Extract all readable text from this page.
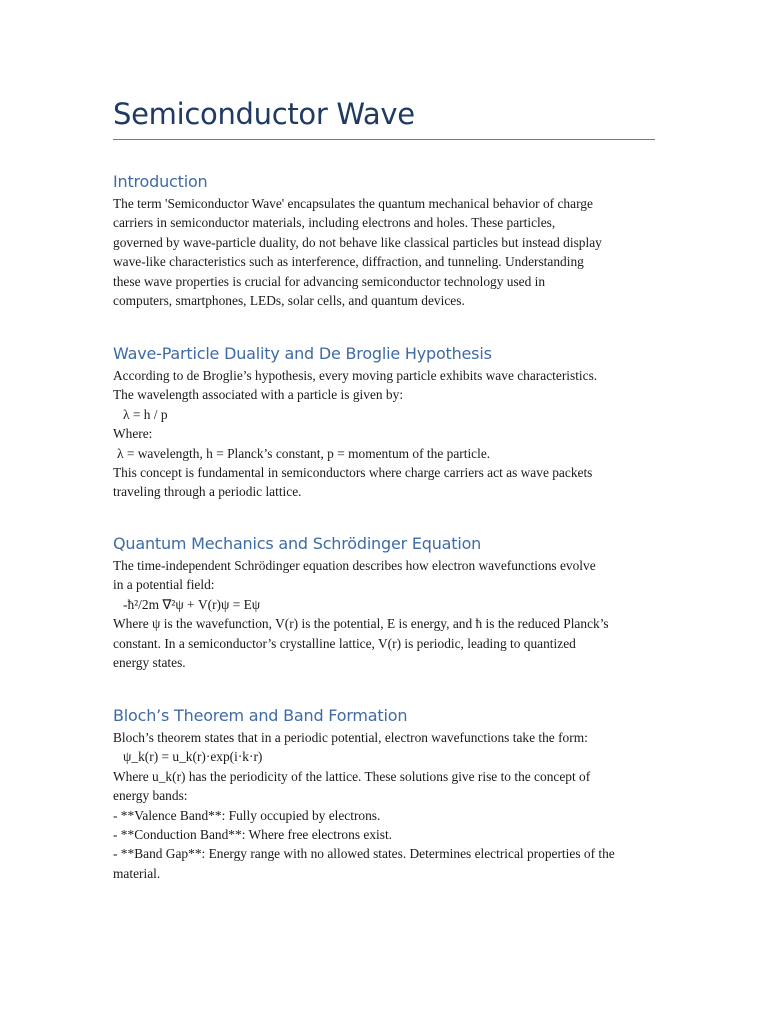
Semiconductor Wave
Introduction
The term 'Semiconductor Wave' encapsulates the quantum mechanical behavior of charge
carriers in semiconductor materials, including electrons and holes. These particles,
governed by wave-particle duality, do not behave like classical particles but instead display
wave-like characteristics such as interference, diffraction, and tunneling. Understanding
these wave properties is crucial for advancing semiconductor technology used in
computers, smartphones, LEDs, solar cells, and quantum devices.
Wave-Particle Duality and De Broglie Hypothesis
According to de Broglie’s hypothesis, every moving particle exhibits wave characteristics.
The wavelength associated with a particle is given by:
λ = h / p
Where:
λ = wavelength, h = Planck’s constant, p = momentum of the particle.
This concept is fundamental in semiconductors where charge carriers act as wave packets
traveling through a periodic lattice.
Quantum Mechanics and Schrödinger Equation
The time-independent Schrödinger equation describes how electron wavefunctions evolve
in a potential field:
-ħ²/2m ∇²ψ + V(r)ψ = Eψ
Where ψ is the wavefunction, V(r) is the potential, E is energy, and ħ is the reduced Planck’s
constant. In a semiconductor’s crystalline lattice, V(r) is periodic, leading to quantized
energy states.
Bloch’s Theorem and Band Formation
Bloch’s theorem states that in a periodic potential, electron wavefunctions take the form:
ψ_k(r) = u_k(r)·exp(i·k·r)
Where u_k(r) has the periodicity of the lattice. These solutions give rise to the concept of
energy bands:
- **Valence Band**: Fully occupied by electrons.
- **Conduction Band**: Where free electrons exist.
- **Band Gap**: Energy range with no allowed states. Determines electrical properties of the
material.
